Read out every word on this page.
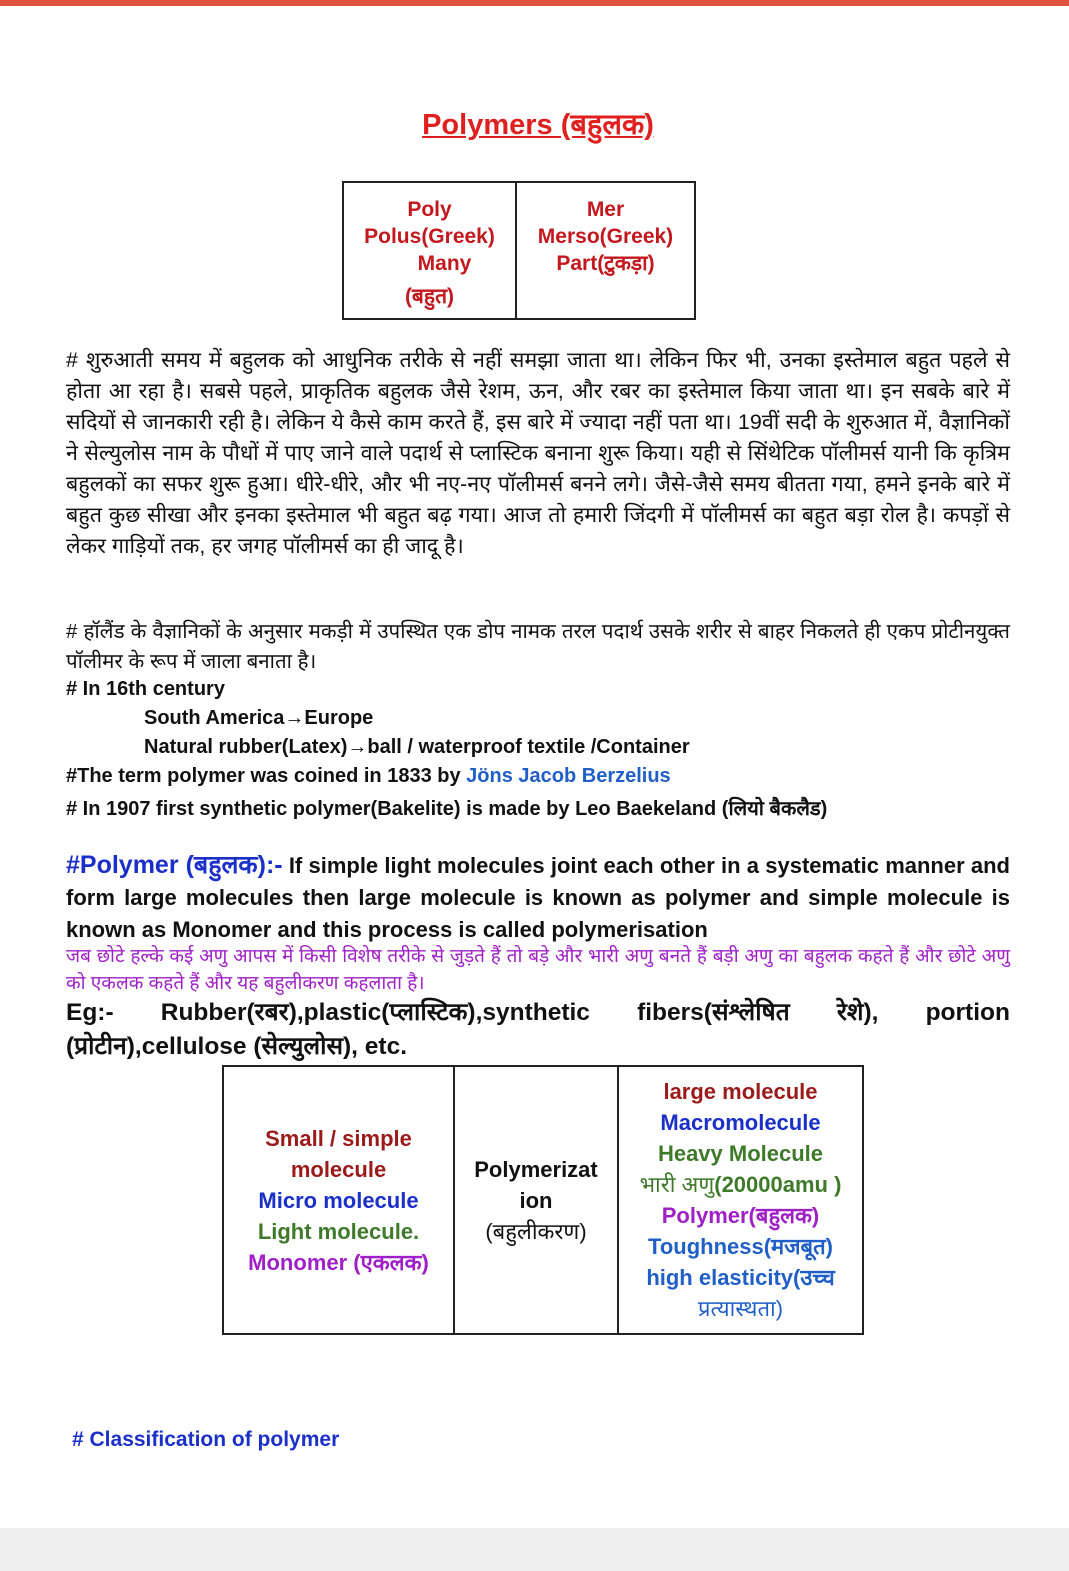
Polymers (बहुलक)
Poly
Polus(Greek)
Many
(बहुत)

Mer
Merso(Greek)
Part(टुकड़ा)

# शुरुआती समय में बहुलक को आधुनिक तरीके से नहीं समझा जाता था। लेकिन फिर भी, उनका इस्तेमाल बहुत पहले से होता आ रहा है। सबसे पहले, प्राकृतिक बहुलक जैसे रेशम, ऊन, और रबर का इस्तेमाल किया जाता था। इन सबके बारे में सदियों से जानकारी रही है। लेकिन ये कैसे काम करते हैं, इस बारे में ज्यादा नहीं पता था। 19वीं सदी के शुरुआत में, वैज्ञानिकों ने सेल्युलोस नाम के पौधों में पाए जाने वाले पदार्थ से प्लास्टिक बनाना शुरू किया। यही से सिंथेटिक पॉलीमर्स यानी कि कृत्रिम बहुलकों का सफर शुरू हुआ। धीरे-धीरे, और भी नए-नए पॉलीमर्स बनने लगे। जैसे-जैसे समय बीतता गया, हमने इनके बारे में बहुत कुछ सीखा और इनका इस्तेमाल भी बहुत बढ़ गया। आज तो हमारी जिंदगी में पॉलीमर्स का बहुत बड़ा रोल है। कपड़ों से लेकर गाड़ियों तक, हर जगह पॉलीमर्स का ही जादू है।

# हॉलैंड के वैज्ञानिकों के अनुसार मकड़ी में उपस्थित एक डोप नामक तरल पदार्थ उसके शरीर से बाहर निकलते ही एकप प्रोटीनयुक्त पॉलीमर के रूप में जाला बनाता है।

# In 16th century
South America→Europe
Natural rubber(Latex)→ball / waterproof textile /Container
#The term polymer was coined in 1833 by Jöns Jacob Berzelius
# In 1907 first synthetic polymer(Bakelite) is made by Leo Baekeland (लियो बैकलैड)

#Polymer (बहुलक):- If simple light molecules joint each other in a systematic manner and form large molecules then large molecule is known as polymer and simple molecule is known as Monomer and this process is called polymerisation

जब छोटे हल्के कई अणु आपस में किसी विशेष तरीके से जुड़ते हैं तो बड़े और भारी अणु बनते हैं बड़ी अणु का बहुलक कहते हैं और छोटे अणु को एकलक कहते हैं और यह बहुलीकरण कहलाता है।

Eg:- Rubber(रबर),plastic(प्लास्टिक),synthetic fibers(संश्लेषित रेशे), portion
(प्रोटीन),cellulose (सेल्युलोस), etc.
Small / simple
molecule
Micro molecule
Light molecule.
Monomer (एकलक)

Polymerizat
ion
(बहुलीकरण)

large molecule
Macromolecule
Heavy Molecule
भारी अणु(20000amu )
Polymer(बहुलक)
Toughness(मजबूत)
high elasticity(उच्च
प्रत्यास्थता)
# Classification of polymer
